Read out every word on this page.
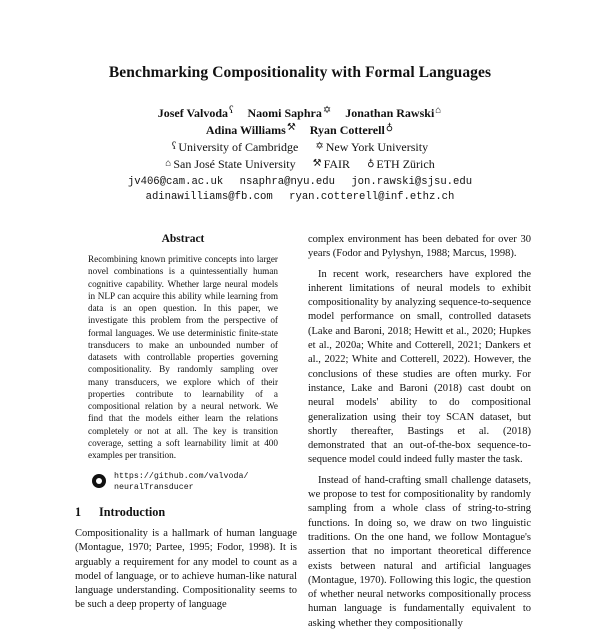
Benchmarking Compositionality with Formal Languages
Josef Valvodaʕ Naomi Saphra✡ Jonathan Rawski⌂
Adina Williams⚒ Ryan Cotterell♁
ʕ University of Cambridge ✡ New York University
⌂ San José State University ⚒ FAIR ♁ ETH Zürich
jv406@cam.ac.uk nsaphra@nyu.edu jon.rawski@sjsu.edu
adinawilliams@fb.com ryan.cotterell@inf.ethz.ch
Abstract
Recombining known primitive concepts into larger novel combinations is a quintessentially human cognitive capability. Whether large neural models in NLP can acquire this ability while learning from data is an open question. In this paper, we investigate this problem from the perspective of formal languages. We use deterministic finite-state transducers to make an unbounded number of datasets with controllable properties governing compositionality. By randomly sampling over many transducers, we explore which of their properties contribute to learnability of a compositional relation by a neural network. We find that the models either learn the relations completely or not at all. The key is transition coverage, setting a soft learnability limit at 400 examples per transition.
https://github.com/valvoda/
neuralTransducer
1 Introduction
Compositionality is a hallmark of human language (Montague, 1970; Partee, 1995; Fodor, 1998). It is arguably a requirement for any model to count as a model of language, or to achieve human-like natural language understanding. Compositionality seems to be such a deep property of language

complex environment has been debated for over 30 years (Fodor and Pylyshyn, 1988; Marcus, 1998).

In recent work, researchers have explored the inherent limitations of neural models to exhibit compositionality by analyzing sequence-to-sequence model performance on small, controlled datasets (Lake and Baroni, 2018; Hewitt et al., 2020; Hupkes et al., 2020a; White and Cotterell, 2021; Dankers et al., 2022; White and Cotterell, 2022). However, the conclusions of these studies are often murky. For instance, Lake and Baroni (2018) cast doubt on neural models' ability to do compositional generalization using their toy SCAN dataset, but shortly thereafter, Bastings et al. (2018) demonstrated that an out-of-the-box sequence-to-sequence model could indeed fully master the task.

Instead of hand-crafting small challenge datasets, we propose to test for compositionality by randomly sampling from a whole class of string-to-string functions. In doing so, we draw on two linguistic traditions. On the one hand, we follow Montague's assertion that no important theoretical difference exists between natural and artificial languages (Montague, 1970). Following this logic, the question of whether neural networks compositionally process human language is fundamentally equivalent to asking whether they compositionally
